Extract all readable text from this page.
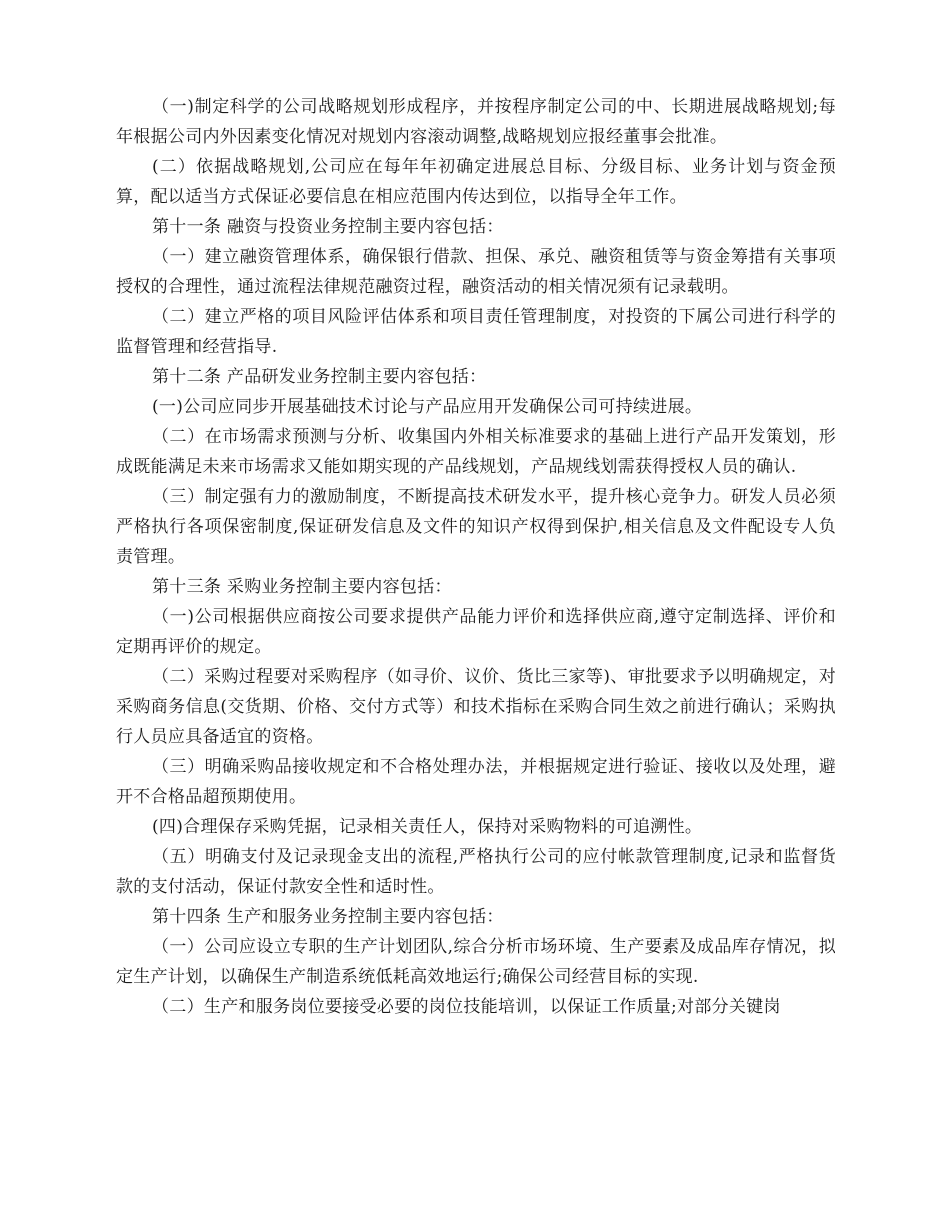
（一)制定科学的公司战略规划形成程序，并按程序制定公司的中、长期进展战略规划;每年根据公司内外因素变化情况对规划内容滚动调整,战略规划应报经董事会批准。

(二）依据战略规划,公司应在每年年初确定进展总目标、分级目标、业务计划与资金预算，配以适当方式保证必要信息在相应范围内传达到位，以指导全年工作。

第十一条 融资与投资业务控制主要内容包括：

（一）建立融资管理体系，确保银行借款、担保、承兑、融资租赁等与资金筹措有关事项授权的合理性，通过流程法律规范融资过程，融资活动的相关情况须有记录载明。

（二）建立严格的项目风险评估体系和项目责任管理制度，对投资的下属公司进行科学的监督管理和经营指导.

第十二条 产品研发业务控制主要内容包括：

(一)公司应同步开展基础技术讨论与产品应用开发确保公司可持续进展。

（二）在市场需求预测与分析、收集国内外相关标准要求的基础上进行产品开发策划，形成既能满足未来市场需求又能如期实现的产品线规划，产品规线划需获得授权人员的确认.

（三）制定强有力的激励制度，不断提高技术研发水平，提升核心竞争力。研发人员必须严格执行各项保密制度,保证研发信息及文件的知识产权得到保护,相关信息及文件配设专人负责管理。

第十三条 采购业务控制主要内容包括：

（一)公司根据供应商按公司要求提供产品能力评价和选择供应商,遵守定制选择、评价和定期再评价的规定。

（二）采购过程要对采购程序（如寻价、议价、货比三家等)、审批要求予以明确规定，对采购商务信息(交货期、价格、交付方式等）和技术指标在采购合同生效之前进行确认；采购执行人员应具备适宜的资格。

（三）明确采购品接收规定和不合格处理办法，并根据规定进行验证、接收以及处理，避开不合格品超预期使用。

(四)合理保存采购凭据，记录相关责任人，保持对采购物料的可追溯性。

（五）明确支付及记录现金支出的流程,严格执行公司的应付帐款管理制度,记录和监督货款的支付活动，保证付款安全性和适时性。

第十四条 生产和服务业务控制主要内容包括：

（一）公司应设立专职的生产计划团队,综合分析市场环境、生产要素及成品库存情况，拟定生产计划，以确保生产制造系统低耗高效地运行;确保公司经营目标的实现.

（二）生产和服务岗位要接受必要的岗位技能培训，以保证工作质量;对部分关键岗
